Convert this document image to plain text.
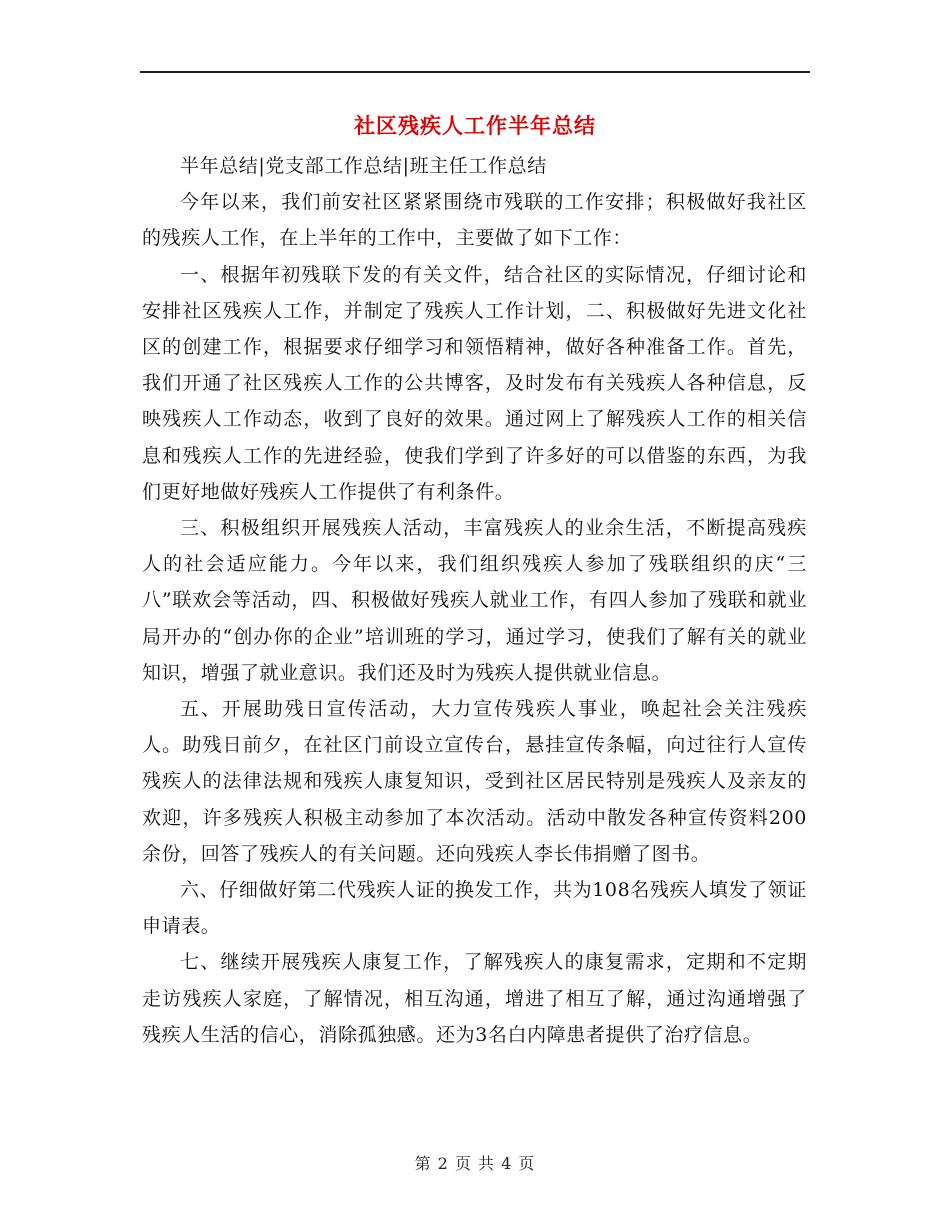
社区残疾人工作半年总结

半年总结|党支部工作总结|班主任工作总结

今年以来，我们前安社区紧紧围绕市残联的工作安排；积极做好我社区的残疾人工作，在上半年的工作中，主要做了如下工作：

一、根据年初残联下发的有关文件，结合社区的实际情况，仔细讨论和安排社区残疾人工作，并制定了残疾人工作计划，二、积极做好先进文化社区的创建工作，根据要求仔细学习和领悟精神，做好各种准备工作。首先，我们开通了社区残疾人工作的公共博客，及时发布有关残疾人各种信息，反映残疾人工作动态，收到了良好的效果。通过网上了解残疾人工作的相关信息和残疾人工作的先进经验，使我们学到了许多好的可以借鉴的东西，为我们更好地做好残疾人工作提供了有利条件。

三、积极组织开展残疾人活动，丰富残疾人的业余生活，不断提高残疾人的社会适应能力。今年以来，我们组织残疾人参加了残联组织的庆“三八”联欢会等活动，四、积极做好残疾人就业工作，有四人参加了残联和就业局开办的“创办你的企业”培训班的学习，通过学习，使我们了解有关的就业知识，增强了就业意识。我们还及时为残疾人提供就业信息。

五、开展助残日宣传活动，大力宣传残疾人事业，唤起社会关注残疾人。助残日前夕，在社区门前设立宣传台，悬挂宣传条幅，向过往行人宣传残疾人的法律法规和残疾人康复知识，受到社区居民特别是残疾人及亲友的欢迎，许多残疾人积极主动参加了本次活动。活动中散发各种宣传资料200余份，回答了残疾人的有关问题。还向残疾人李长伟捐赠了图书。

六、仔细做好第二代残疾人证的换发工作，共为108名残疾人填发了领证申请表。

七、继续开展残疾人康复工作，了解残疾人的康复需求，定期和不定期走访残疾人家庭，了解情况，相互沟通，增进了相互了解，通过沟通增强了残疾人生活的信心，消除孤独感。还为3名白内障患者提供了治疗信息。

第 2 页 共 4 页
